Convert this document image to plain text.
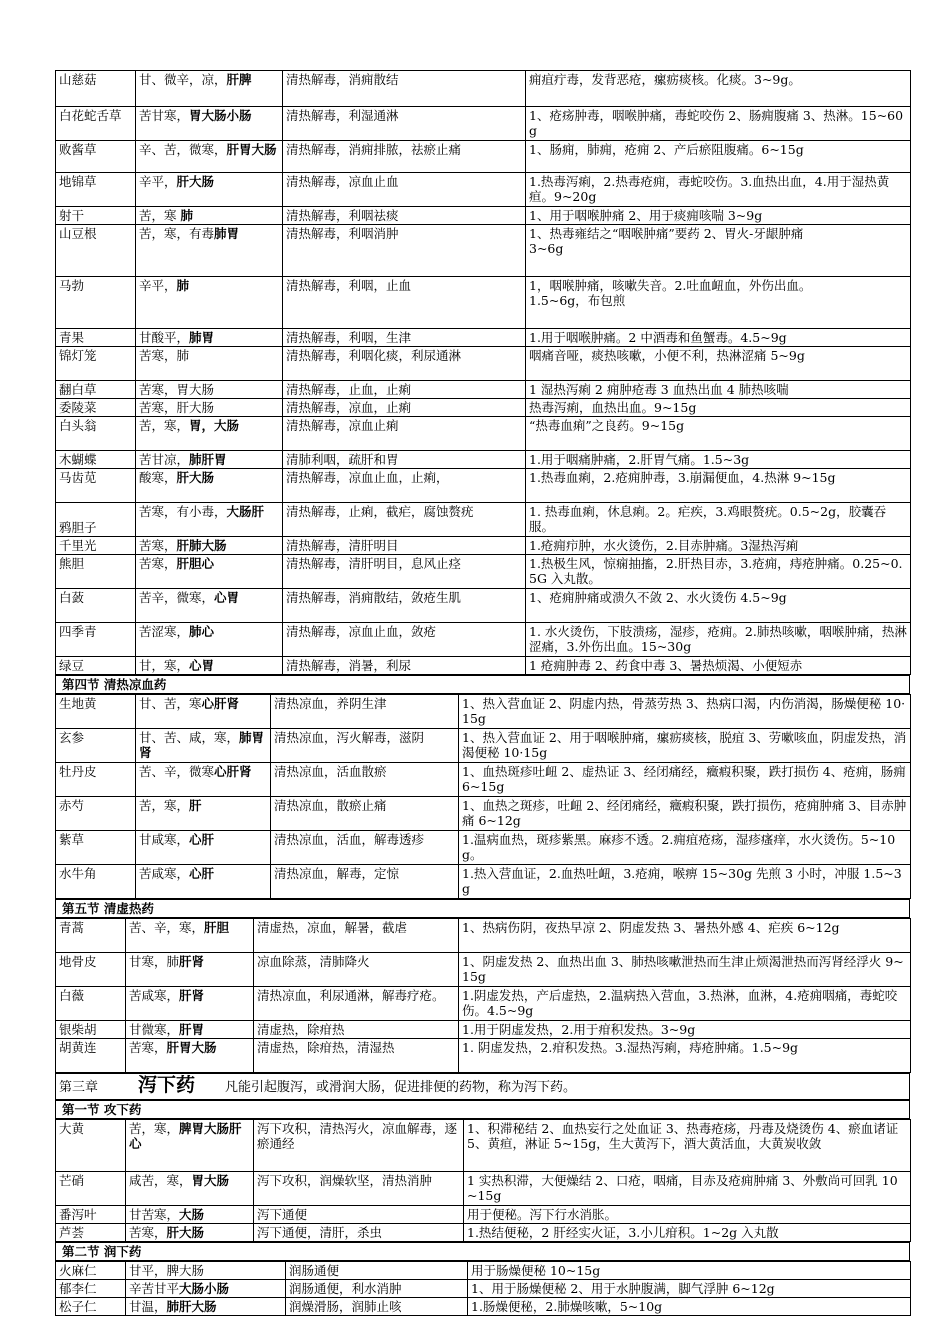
山慈菇	甘、微辛，凉，肝脾	清热解毒，消痈散结	痈疽疔毒，发背恶疮，瘰疬痰核。化痰。3~9g。
白花蛇舌草	苦甘寒，胃大肠小肠	清热解毒，利湿通淋	1、疮疡肿毒，咽喉肿痛，毒蛇咬伤 2、肠痈腹痛 3、热淋。15~60g
败酱草	辛、苦，微寒，肝胃大肠	清热解毒，消痈排脓，祛瘀止痛	1、肠痈，肺痈，疮痈 2、产后瘀阻腹痛。6~15g
地锦草	辛平，肝大肠	清热解毒，凉血止血	1.热毒泻痢，2.热毒疮痈，毒蛇咬伤。3.血热出血，4.用于湿热黄疸。9~20g
射干	苦，寒 肺	清热解毒，利咽祛痰	1、用于咽喉肿痛 2、用于痰痈咳喘 3~9g
山豆根	苦，寒，有毒肺胃	清热解毒，利咽消肿	1、热毒雍结之“咽喉肿痛”要药 2、胃火-牙龈肿痛
3~6g
马勃	辛平，肺	清热解毒，利咽，止血	1，咽喉肿痛，咳嗽失音。2.吐血衄血，外伤出血。
1.5~6g，布包煎
青果	甘酸平，肺胃	清热解毒，利咽，生津	1.用于咽喉肿痛。2 中酒毒和鱼蟹毒。4.5~9g
锦灯笼	苦寒，肺	清热解毒，利咽化痰，利尿通淋	咽痛音哑，痰热咳嗽，小便不利，热淋涩痛 5~9g
翻白草	苦寒，胃大肠	清热解毒，止血，止痢	1 湿热泻痢 2 痈肿疮毒 3 血热出血 4 肺热咳喘
委陵菜	苦寒，肝大肠	清热解毒，凉血，止痢	热毒泻痢，血热出血。9~15g
白头翁	苦，寒，胃，大肠	清热解毒，凉血止痢	“热毒血痢”之良药。9~15g
木蝴蝶	苦甘凉，肺肝胃	清肺利咽，疏肝和胃	1.用于咽痛肿痛，2.肝胃气痛。1.5~3g
马齿苋	酸寒，肝大肠	清热解毒，凉血止血，止痢，	1.热毒血痢，2.疮痈肿毒，3.崩漏便血，4.热淋 9~15g
鸦胆子	苦寒，有小毒，大肠肝	清热解毒，止痢，截疟，腐蚀赘疣	1. 热毒血痢，休息痢。2。疟疾，3.鸡眼赘疣。0.5~2g，胶囊吞服。
千里光	苦寒，肝肺大肠	清热解毒，清肝明目	1.疮痈疖肿，水火烫伤，2.目赤肿痛。3湿热泻痢
熊胆	苦寒，肝胆心	清热解毒，清肝明目，息风止痉	1.热极生风，惊痫抽搐，2.肝热目赤，3.疮痈，痔疮肿痛。0.25~0.5G 入丸散。
白蔹	苦辛，微寒，心胃	清热解毒，消痈散结，敛疮生肌	1、疮痈肿痛或溃久不敛 2、水火烫伤 4.5~9g
四季青	苦涩寒，肺心	清热解毒，凉血止血，敛疮	1. 水火烫伤，下肢溃疡，湿疹，疮痈。2.肺热咳嗽，咽喉肿痛，热淋涩痛，3.外伤出血。15~30g
绿豆	甘，寒，心胃	清热解毒，消暑，利尿	1 疮痈肿毒 2、药食中毒 3、暑热烦渴、小便短赤
第四节 清热凉血药
生地黄	甘、苦，寒心肝肾	清热凉血，养阴生津	1、热入营血证 2、阴虚内热，骨蒸劳热 3、热病口渴，内伤消渴，肠燥便秘 10·15g
玄参	甘、苦、咸，寒，肺胃肾	清热凉血，泻火解毒，滋阴	1、热入营血证 2、用于咽喉肿痛，瘰疬痰核，脱疽 3、劳嗽咳血，阴虚发热，消渴便秘 10·15g
牡丹皮	苦、辛，微寒心肝肾	清热凉血，活血散瘀	1、血热斑疹吐衄 2、虚热证 3、经闭痛经，癥瘕积聚，跌打损伤 4、疮痈，肠痈 6~15g
赤芍	苦，寒，肝	清热凉血，散瘀止痛	1、血热之斑疹，吐衄 2、经闭痛经，癥瘕积聚，跌打损伤，疮痈肿痛 3、目赤肿痛 6~12g
紫草	甘咸寒，心肝	清热凉血，活血，解毒透疹	1.温病血热，斑疹紫黑。麻疹不透。2.痈疽疮疡，湿疹瘙痒，水火烫伤。5~10g。
水牛角	苦咸寒，心肝	清热凉血，解毒，定惊	1.热入营血证，2.血热吐衄，3.疮痈，喉痹 15~30g 先煎 3 小时，冲服 1.5~3g
第五节 清虚热药
青蒿	苦、辛，寒，肝胆	清虚热，凉血，解暑，截虐	1、热病伤阴，夜热早凉 2、阴虚发热 3、暑热外感 4、疟疾 6~12g
地骨皮	甘寒，肺肝肾	凉血除蒸，清肺降火	1、阴虚发热 2、血热出血 3、肺热咳嗽泄热而生津止烦渴泄热而泻肾经浮火 9~15g
白薇	苦咸寒，肝肾	清热凉血，利尿通淋，解毒疗疮。	1.阴虚发热，产后虚热，2.温病热入营血，3.热淋，血淋，4.疮痈咽痛，毒蛇咬伤。4.5~9g
银柴胡	甘微寒，肝胃	清虚热，除疳热	1.用于阴虚发热，2.用于疳积发热。3~9g
胡黄连	苦寒，肝胃大肠	清虚热，除疳热，清湿热	1. 阴虚发热，2.疳积发热。3.湿热泻痢，痔疮肿痛。1.5~9g
第三章 泻下药 凡能引起腹泻，或滑润大肠，促进排便的药物，称为泻下药。
第一节 攻下药
大黄	苦，寒，脾胃大肠肝心	泻下攻积，清热泻火，凉血解毒，逐瘀通经	1、积滞秘结 2、血热妄行之处血证 3、热毒疮疡，丹毒及烧烫伤 4、瘀血诸证 5、黄疸，淋证 5~15g，生大黄泻下，酒大黄活血，大黄炭收敛
芒硝	咸苦，寒，胃大肠	泻下攻积，润燥软坚，清热消肿	1 实热积滞，大便燥结 2、口疮，咽痛，目赤及疮痈肿痛 3、外敷尚可回乳 10~15g
番泻叶	甘苦寒，大肠	泻下通便	用于便秘。泻下行水消胀。
芦荟	苦寒，肝大肠	泻下通便，清肝，杀虫	1.热结便秘，2 肝经实火证，3.小儿疳积。1~2g 入丸散
第二节 润下药
火麻仁	甘平，脾大肠	润肠通便	用于肠燥便秘 10~15g
郁李仁	辛苦甘平大肠小肠	润肠通便，利水消肿	1、用于肠燥便秘 2、用于水肿腹满，脚气浮肿 6~12g
松子仁	甘温，肺肝大肠	润燥滑肠，润肺止咳	1.肠燥便秘，2.肺燥咳嗽，5~10g
